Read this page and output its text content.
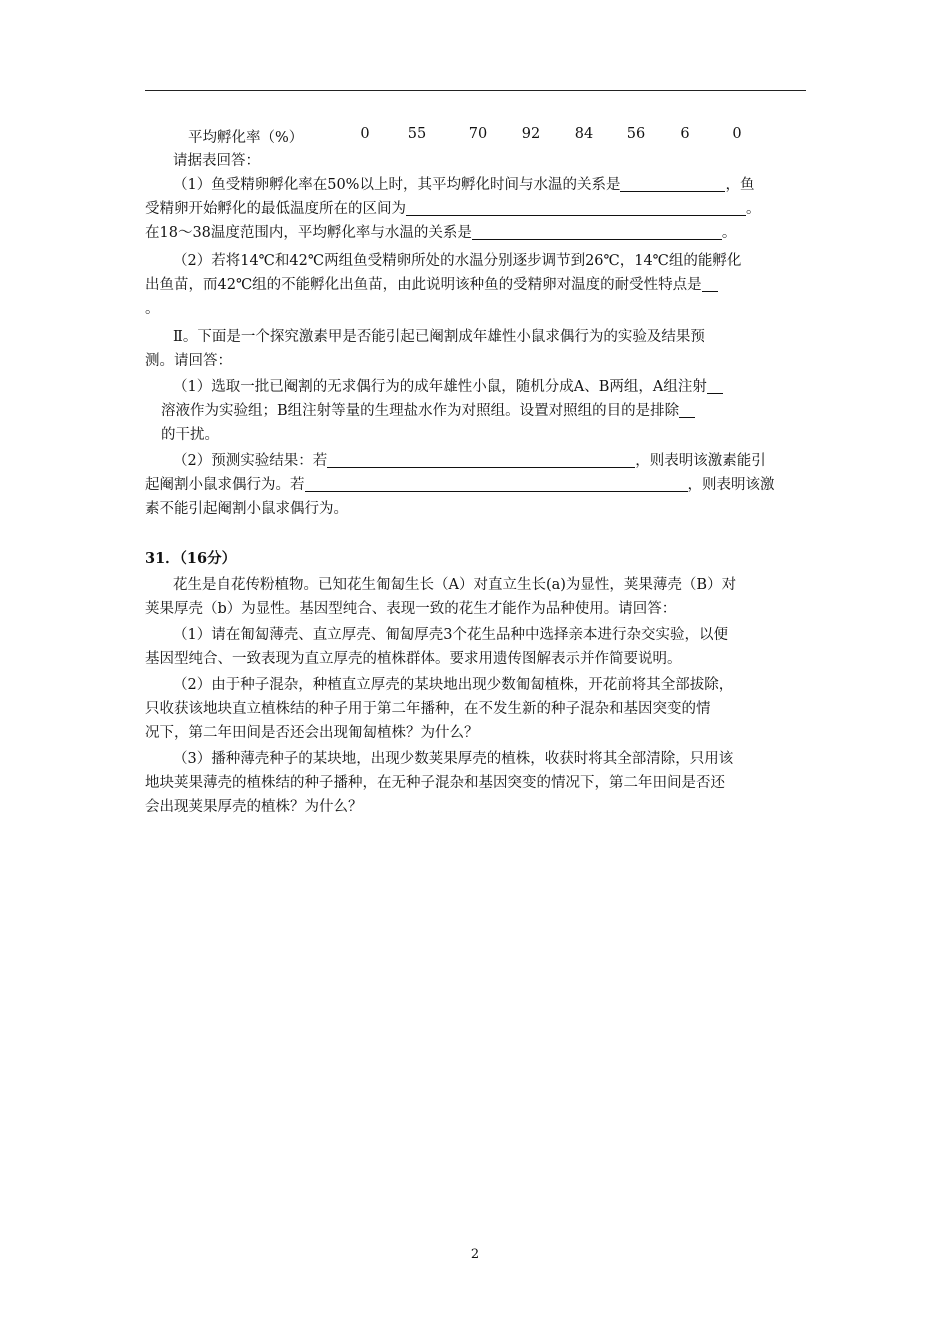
平均孵化率（%）	0	55	70	92	84	56	6	0
请据表回答：
（1）鱼受精卵孵化率在50%以上时，其平均孵化时间与水温的关系是	，鱼
受精卵开始孵化的最低温度所在的区间为	。
在18～38温度范围内，平均孵化率与水温的关系是	。
（2）若将14℃和42℃两组鱼受精卵所处的水温分别逐步调节到26℃，14℃组的能孵化
出鱼苗，而42℃组的不能孵化出鱼苗，由此说明该种鱼的受精卵对温度的耐受性特点是
。
Ⅱ。下面是一个探究激素甲是否能引起已阉割成年雄性小鼠求偶行为的实验及结果预
测。请回答：
（1）选取一批已阉割的无求偶行为的成年雄性小鼠，随机分成A、B两组，A组注射
溶液作为实验组；B组注射等量的生理盐水作为对照组。设置对照组的目的是排除
的干扰。
（2）预测实验结果：若	，则表明该激素能引
起阉割小鼠求偶行为。若	，则表明该激
素不能引起阉割小鼠求偶行为。
31．（16分）
花生是自花传粉植物。已知花生匍匐生长（A）对直立生长(a)为显性，荚果薄壳（B）对
荚果厚壳（b）为显性。基因型纯合、表现一致的花生才能作为品种使用。请回答：
（1）请在匍匐薄壳、直立厚壳、匍匐厚壳3个花生品种中选择亲本进行杂交实验，以便
基因型纯合、一致表现为直立厚壳的植株群体。要求用遗传图解表示并作简要说明。
（2）由于种子混杂，种植直立厚壳的某块地出现少数匍匐植株，开花前将其全部拔除，
只收获该地块直立植株结的种子用于第二年播种，在不发生新的种子混杂和基因突变的情
况下，第二年田间是否还会出现匍匐植株？为什么？
（3）播种薄壳种子的某块地，出现少数荚果厚壳的植株，收获时将其全部清除，只用该
地块荚果薄壳的植株结的种子播种，在无种子混杂和基因突变的情况下，第二年田间是否还
会出现荚果厚壳的植株？为什么？
2
